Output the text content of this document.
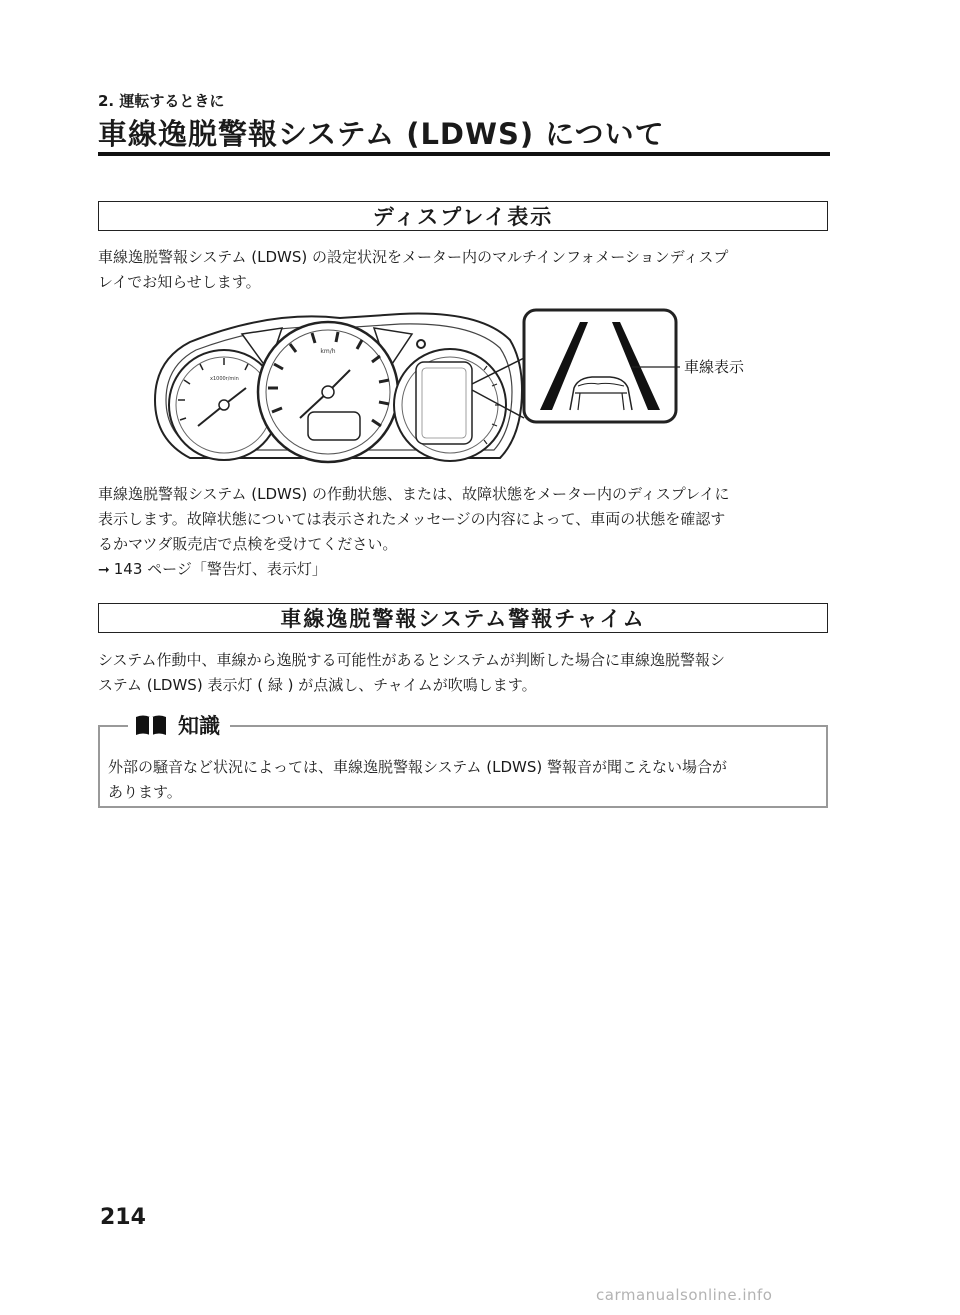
2. 運転するときに
車線逸脱警報システム (LDWS) について
ディスプレイ表示

車線逸脱警報システム (LDWS) の設定状況をメーター内のマルチインフォメーションディスプ

レイでお知らせします。

x1000r/min
km/h
車線表示

車線逸脱警報システム (LDWS) の作動状態、または、故障状態をメーター内のディスプレイに

表示します。故障状態については表示されたメッセージの内容によって、車両の状態を確認す

るかマツダ販売店で点検を受けてください。

➞ 143 ページ「警告灯、表示灯」

車線逸脱警報システム警報チャイム

システム作動中、車線から逸脱する可能性があるとシステムが判断した場合に車線逸脱警報シ

ステム (LDWS) 表示灯 ( 緑 ) が点滅し、チャイムが吹鳴します。

知識
外部の騒音など状況によっては、車線逸脱警報システム (LDWS) 警報音が聞こえない場合が
あります。
214
carmanualsonline.info
